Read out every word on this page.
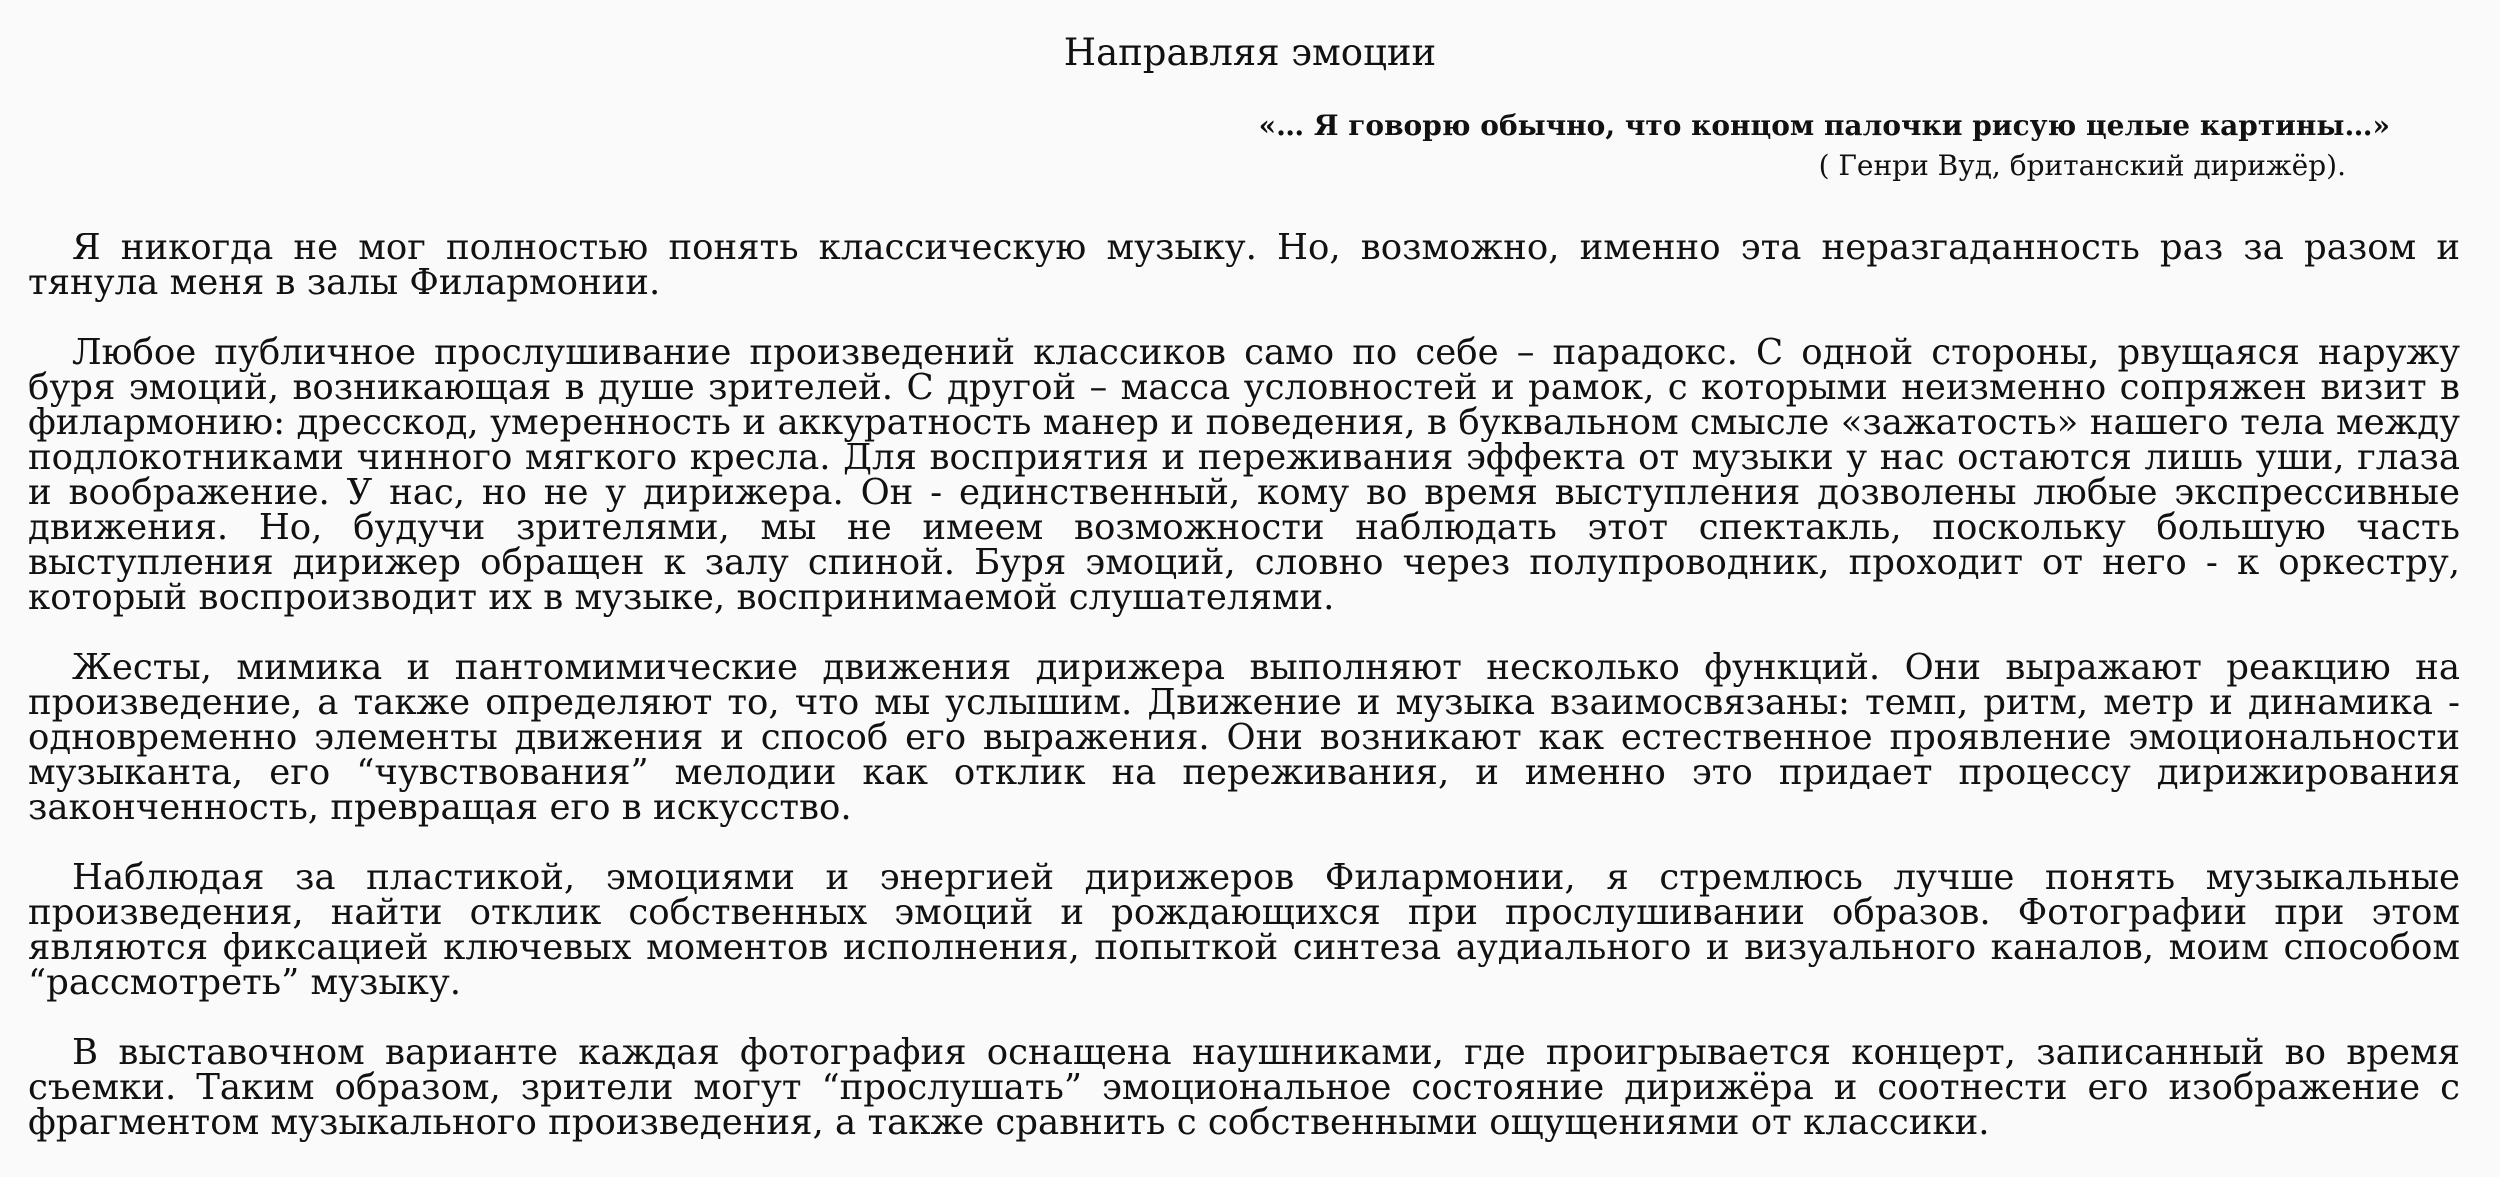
Направляя эмоции

«… Я говорю обычно, что концом палочки рисую целые картины…»

( Генри Вуд, британский дирижёр).

Я никогда не мог полностью понять классическую музыку. Но, возможно, именно эта неразгаданность раз за разом и тянула меня в залы Филармонии.

Любое публичное прослушивание произведений классиков само по себе – парадокс. С одной стороны, рвущаяся наружу буря эмоций, возникающая в душе зрителей. С другой – масса условностей и рамок, с которыми неизменно сопряжен визит в филармонию: дресскод, умеренность и аккуратность манер и поведения, в буквальном смысле «зажатость» нашего тела между подлокотниками чинного мягкого кресла. Для восприятия и переживания эффекта от музыки у нас остаются лишь уши, глаза и воображение. У нас, но не у дирижера. Он - единственный, кому во время выступления дозволены любые экспрессивные движения. Но, будучи зрителями, мы не имеем возможности наблюдать этот спектакль, поскольку большую часть выступления дирижер обращен к залу спиной. Буря эмоций, словно через полупроводник, проходит от него - к оркестру, который воспроизводит их в музыке, воспринимаемой слушателями.

Жесты, мимика и пантомимические движения дирижера выполняют несколько функций. Они выражают реакцию на произведение, а также определяют то, что мы услышим. Движение и музыка взаимосвязаны: темп, ритм, метр и динамика - одновременно элементы движения и способ его выражения. Они возникают как естественное проявление эмоциональности музыканта, его “чувствования” мелодии как отклик на переживания, и именно это придает процессу дирижирования законченность, превращая его в искусство.

Наблюдая за пластикой, эмоциями и энергией дирижеров Филармонии, я стремлюсь лучше понять музыкальные произведения, найти отклик собственных эмоций и рождающихся при прослушивании образов. Фотографии при этом являются фиксацией ключевых моментов исполнения, попыткой синтеза аудиального и визуального каналов, моим способом “рассмотреть” музыку.

В выставочном варианте каждая фотография оснащена наушниками, где проигрывается концерт, записанный во время съемки. Таким образом, зрители могут “прослушать” эмоциональное состояние дирижёра и соотнести его изображение с фрагментом музыкального произведения, а также сравнить с собственными ощущениями от классики.
